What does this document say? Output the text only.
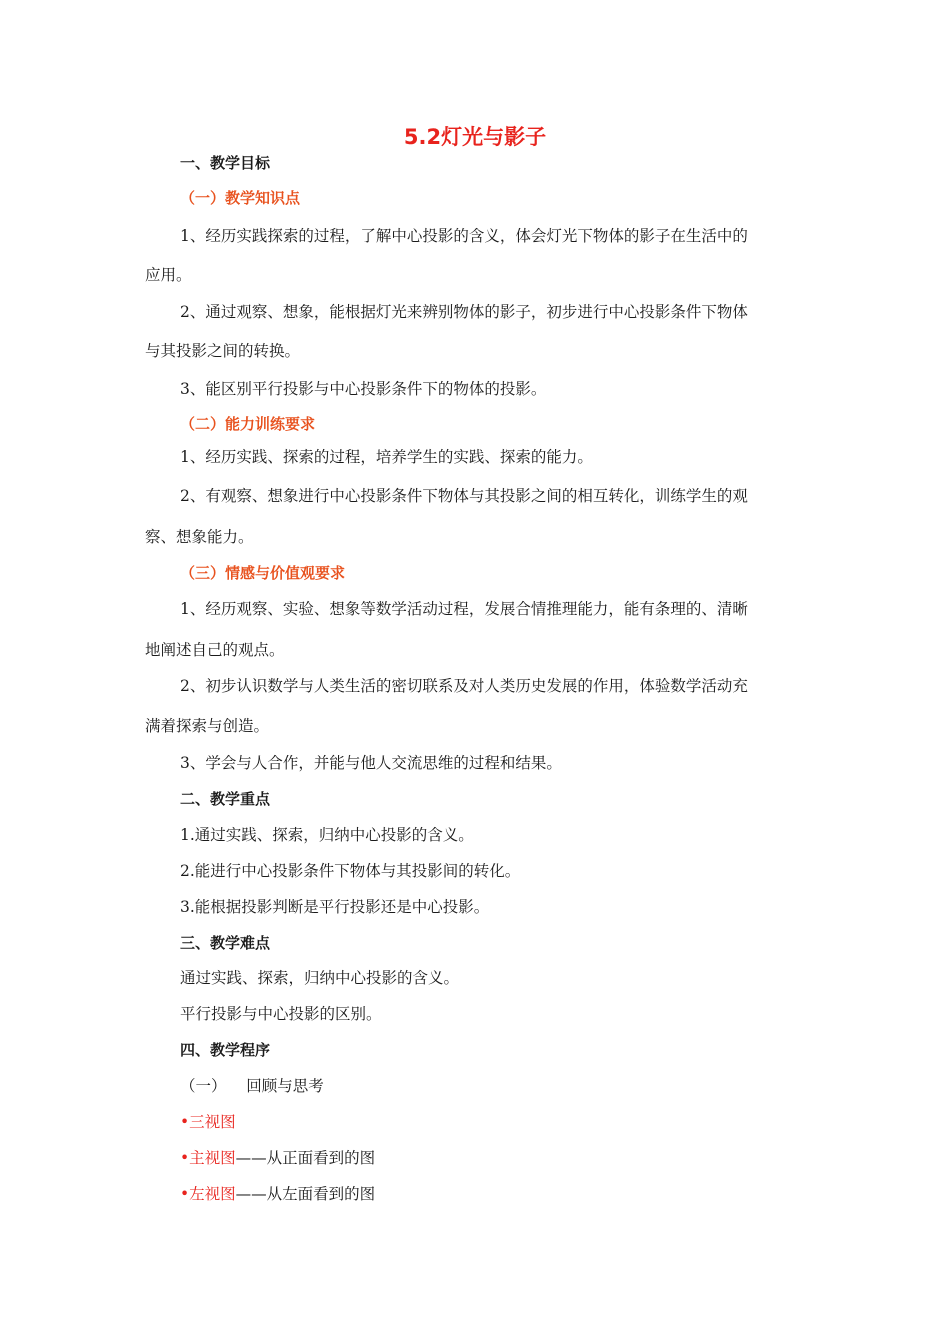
5.2灯光与影子
一、教学目标
（一）教学知识点
1、经历实践探索的过程，了解中心投影的含义，体会灯光下物体的影子在生活中的
应用。
2、通过观察、想象，能根据灯光来辨别物体的影子，初步进行中心投影条件下物体
与其投影之间的转换。
3、能区别平行投影与中心投影条件下的物体的投影。
（二）能力训练要求
1、经历实践、探索的过程，培养学生的实践、探索的能力。
2、有观察、想象进行中心投影条件下物体与其投影之间的相互转化，训练学生的观
察、想象能力。
（三）情感与价值观要求
1、经历观察、实验、想象等数学活动过程，发展合情推理能力，能有条理的、清晰
地阐述自己的观点。
2、初步认识数学与人类生活的密切联系及对人类历史发展的作用，体验数学活动充
满着探索与创造。
3、学会与人合作，并能与他人交流思维的过程和结果。
二、教学重点
1.通过实践、探索，归纳中心投影的含义。
2.能进行中心投影条件下物体与其投影间的转化。
3.能根据投影判断是平行投影还是中心投影。
三、教学难点
通过实践、探索，归纳中心投影的含义。
平行投影与中心投影的区别。
四、教学程序
（一）    回顾与思考
•三视图
•主视图——从正面看到的图
•左视图——从左面看到的图
